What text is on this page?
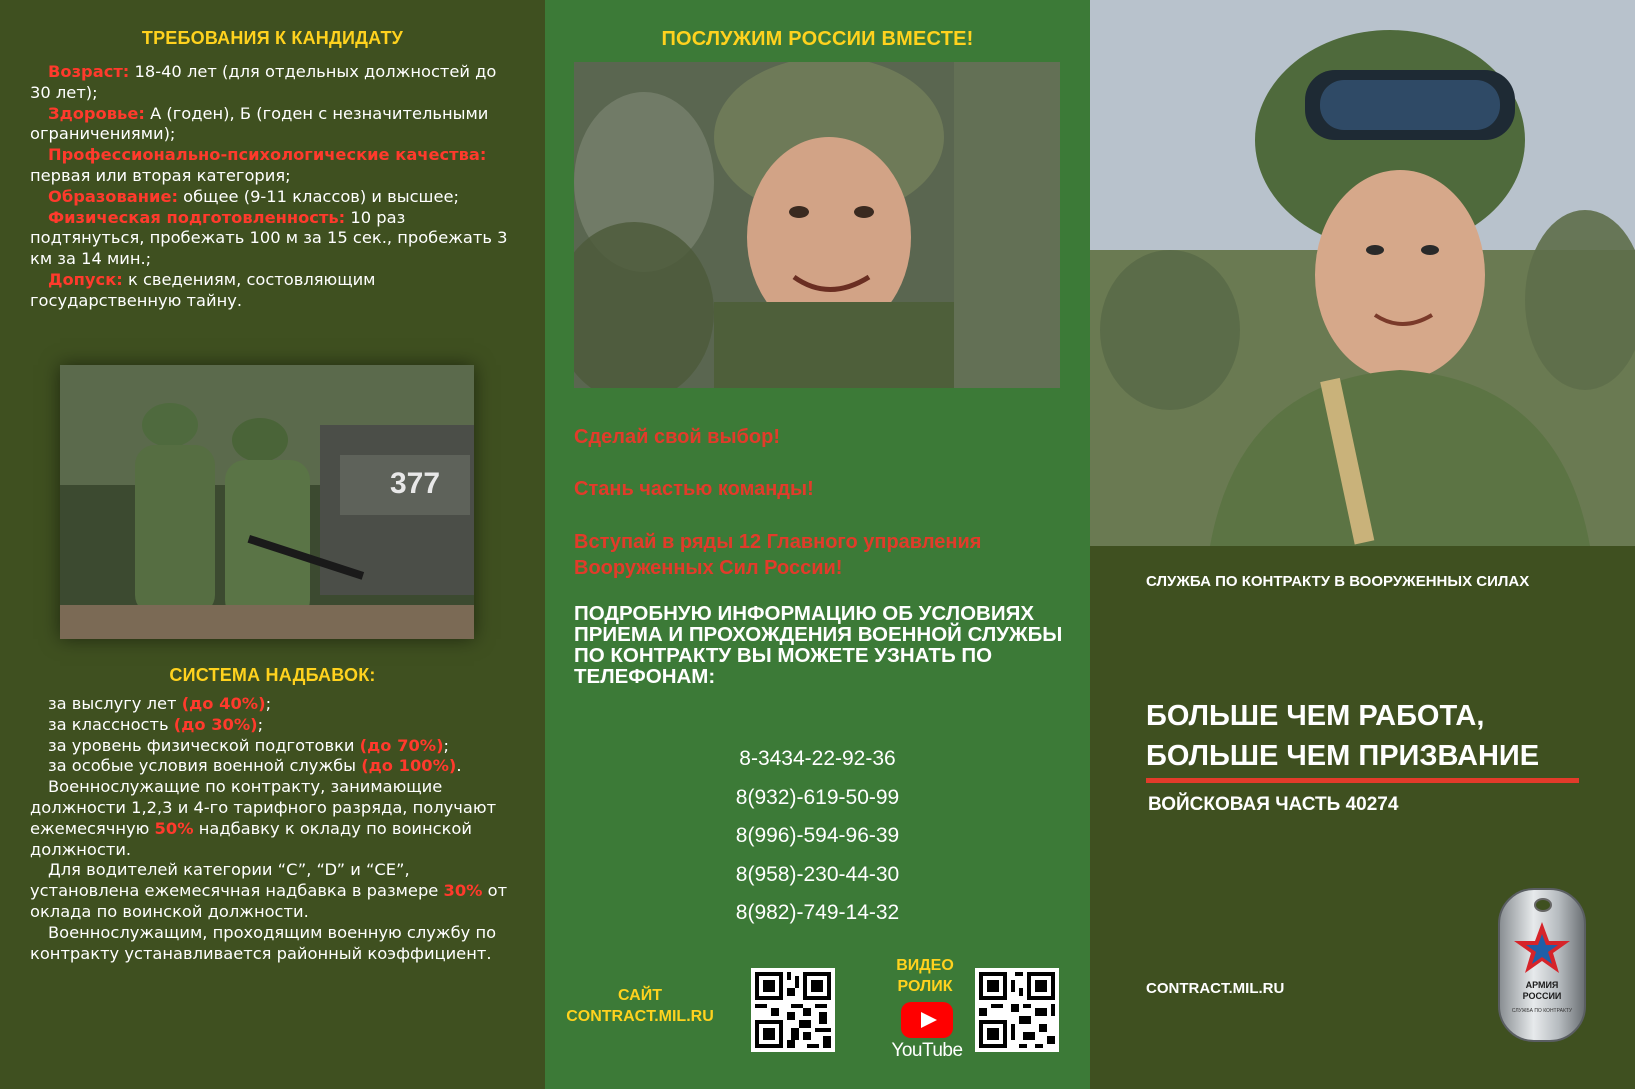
ТРЕБОВАНИЯ К КАНДИДАТУ

Возраст: 18-40 лет (для отдельных должностей до 30 лет);

Здоровье: А (годен), Б (годен с незначительными ограничениями);

Профессионально-психологические качества: первая или вторая категория;

Образование: общее (9-11 классов) и высшее;

Физическая подготовленность: 10 раз подтянуться, пробежать 100 м за 15 сек., пробежать 3 км за 14 мин.;

Допуск: к сведениям, состовляющим государственную тайну.

377
СИСТЕМА НАДБАВОК:

за выслугу лет (до 40%);

за классность (до 30%);

за уровень физической подготовки (до 70%);

за особые условия военной службы (до 100%).

Военнослужащие по контракту, занимающие должности 1,2,3 и 4-го тарифного разряда, получают ежемесячную 50% надбавку к окладу по воинской должности.

Для водителей категории “C”, “D” и “CE”, установлена ежемесячная надбавка в размере 30% от оклада по воинской должности.

Военнослужащим, проходящим военную службу по контракту устанавливается районный коэффициент.

ПОСЛУЖИМ РОССИИ ВМЕСТЕ!
Сделай свой выбор!
Стань частью команды!
Вступай в ряды 12 Главного управления Вооруженных Сил России!
ПОДРОБНУЮ ИНФОРМАЦИЮ ОБ УСЛОВИЯХ ПРИЕМА И ПРОХОЖДЕНИЯ ВОЕННОЙ СЛУЖБЫ ПО КОНТРАКТУ ВЫ МОЖЕТЕ УЗНАТЬ ПО ТЕЛЕФОНАМ:
8-3434-22-92-36
8(932)-619-50-99
8(996)-594-96-39
8(958)-230-44-30
8(982)-749-14-32
САЙТ
CONTRACT.MIL.RU
ВИДЕО
РОЛИК
YouTube
СЛУЖБА ПО КОНТРАКТУ В ВООРУЖЕННЫХ СИЛАХ
БОЛЬШЕ ЧЕМ РАБОТА,
БОЛЬШЕ ЧЕМ ПРИЗВАНИЕ
ВОЙСКОВАЯ ЧАСТЬ 40274
CONTRACT.MIL.RU	АРМИЯ
РОССИИ
СЛУЖБА ПО КОНТРАКТУ
